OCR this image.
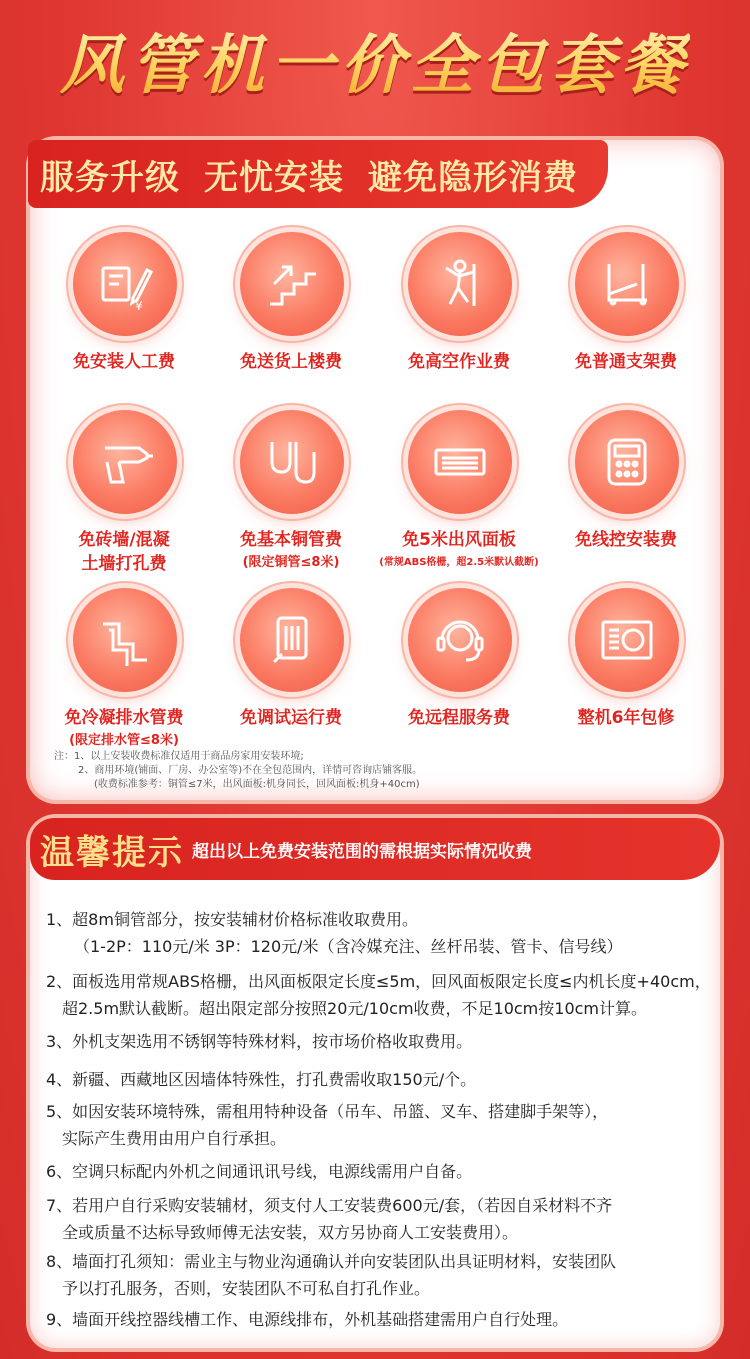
风管机一价全包套餐
服务升级 无忧安装 避免隐形消费
¥
免安装人工费	免送货上楼费	免高空作业费	免普通支架费
免砖墙/混凝
土墙打孔费
免基本铜管费
(限定铜管≤8米)
免5米出风面板
(常规ABS格栅，超2.5米默认截断)
免线控安装费
免冷凝排水管费
(限定排水管≤8米)
免调试运行费	免远程服务费	整机6年包修
注：1、以上安装收费标准仅适用于商品房家用安装环境;
2、商用环境(铺面、厂房、办公室等)不在全包范围内，详情可咨询店铺客服。
(收费标准参考：铜管≤7米，出风面板:机身同长，回风面板:机身+40cm)
温馨提示 超出以上免费安装范围的需根据实际情况收费
1、超8m铜管部分，按安装辅材价格标准收取费用。
（1-2P：110元/米 3P：120元/米（含冷媒充注、丝杆吊装、管卡、信号线）
2、面板选用常规ABS格栅，出风面板限定长度≤5m，回风面板限定长度≤内机长度+40cm，
超2.5m默认截断。超出限定部分按照20元/10cm收费，不足10cm按10cm计算。
3、外机支架选用不锈钢等特殊材料，按市场价格收取费用。
4、新疆、西藏地区因墙体特殊性，打孔费需收取150元/个。
5、如因安装环境特殊，需租用特种设备（吊车、吊篮、叉车、搭建脚手架等），
实际产生费用由用户自行承担。
6、空调只标配内外机之间通讯讯号线，电源线需用户自备。
7、若用户自行采购安装辅材，须支付人工安装费600元/套，（若因自采材料不齐
全或质量不达标导致师傅无法安装，双方另协商人工安装费用）。
8、墙面打孔须知：需业主与物业沟通确认并向安装团队出具证明材料，安装团队
予以打孔服务，否则，安装团队不可私自打孔作业。
9、墙面开线控器线槽工作、电源线排布，外机基础搭建需用户自行处理。
